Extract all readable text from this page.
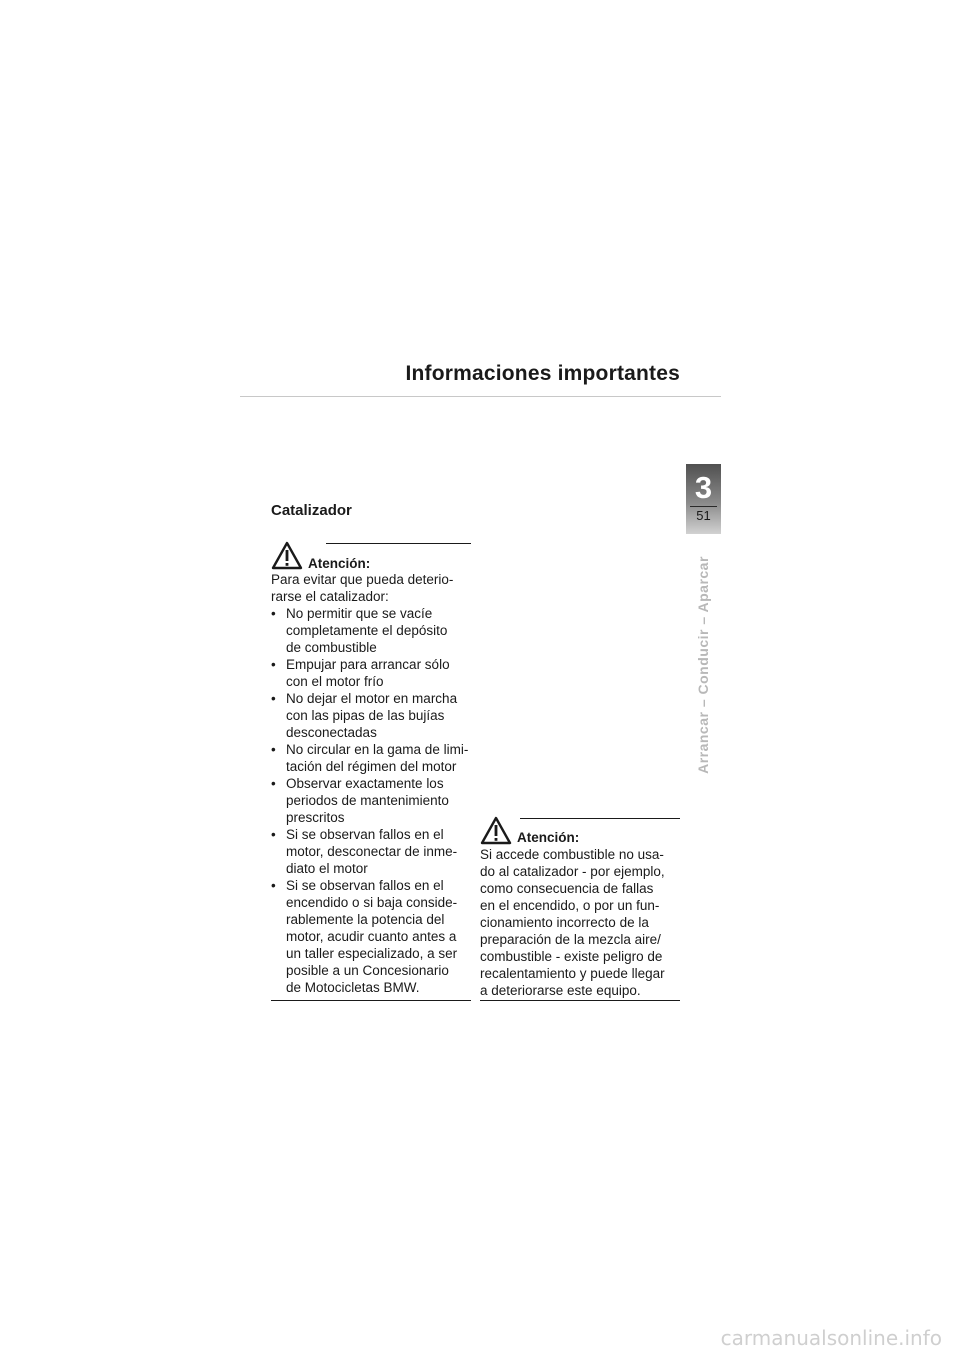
Informaciones importantes
3
51
Arrancar – Conducir – Aparcar
Catalizador
Atención:

Para evitar que pueda deterio-
rarse el catalizador:

• No permitir que se vacíe
completamente el depósito
de combustible
• Empujar para arrancar sólo
con el motor frío
• No dejar el motor en marcha
con las pipas de las bujías
desconectadas
• No circular en la gama de limi-
tación del régimen del motor
• Observar exactamente los
periodos de mantenimiento
prescritos
• Si se observan fallos en el
motor, desconectar de inme-
diato el motor
• Si se observan fallos en el
encendido o si baja conside-
rablemente la potencia del
motor, acudir cuanto antes a
un taller especializado, a ser
posible a un Concesionario
de Motocicletas BMW.
Atención:

Si accede combustible no usa-
do al catalizador - por ejemplo,
como consecuencia de fallas
en el encendido, o por un fun-
cionamiento incorrecto de la
preparación de la mezcla aire/
combustible - existe peligro de
recalentamiento y puede llegar
a deteriorarse este equipo.

carmanualsonline.info
